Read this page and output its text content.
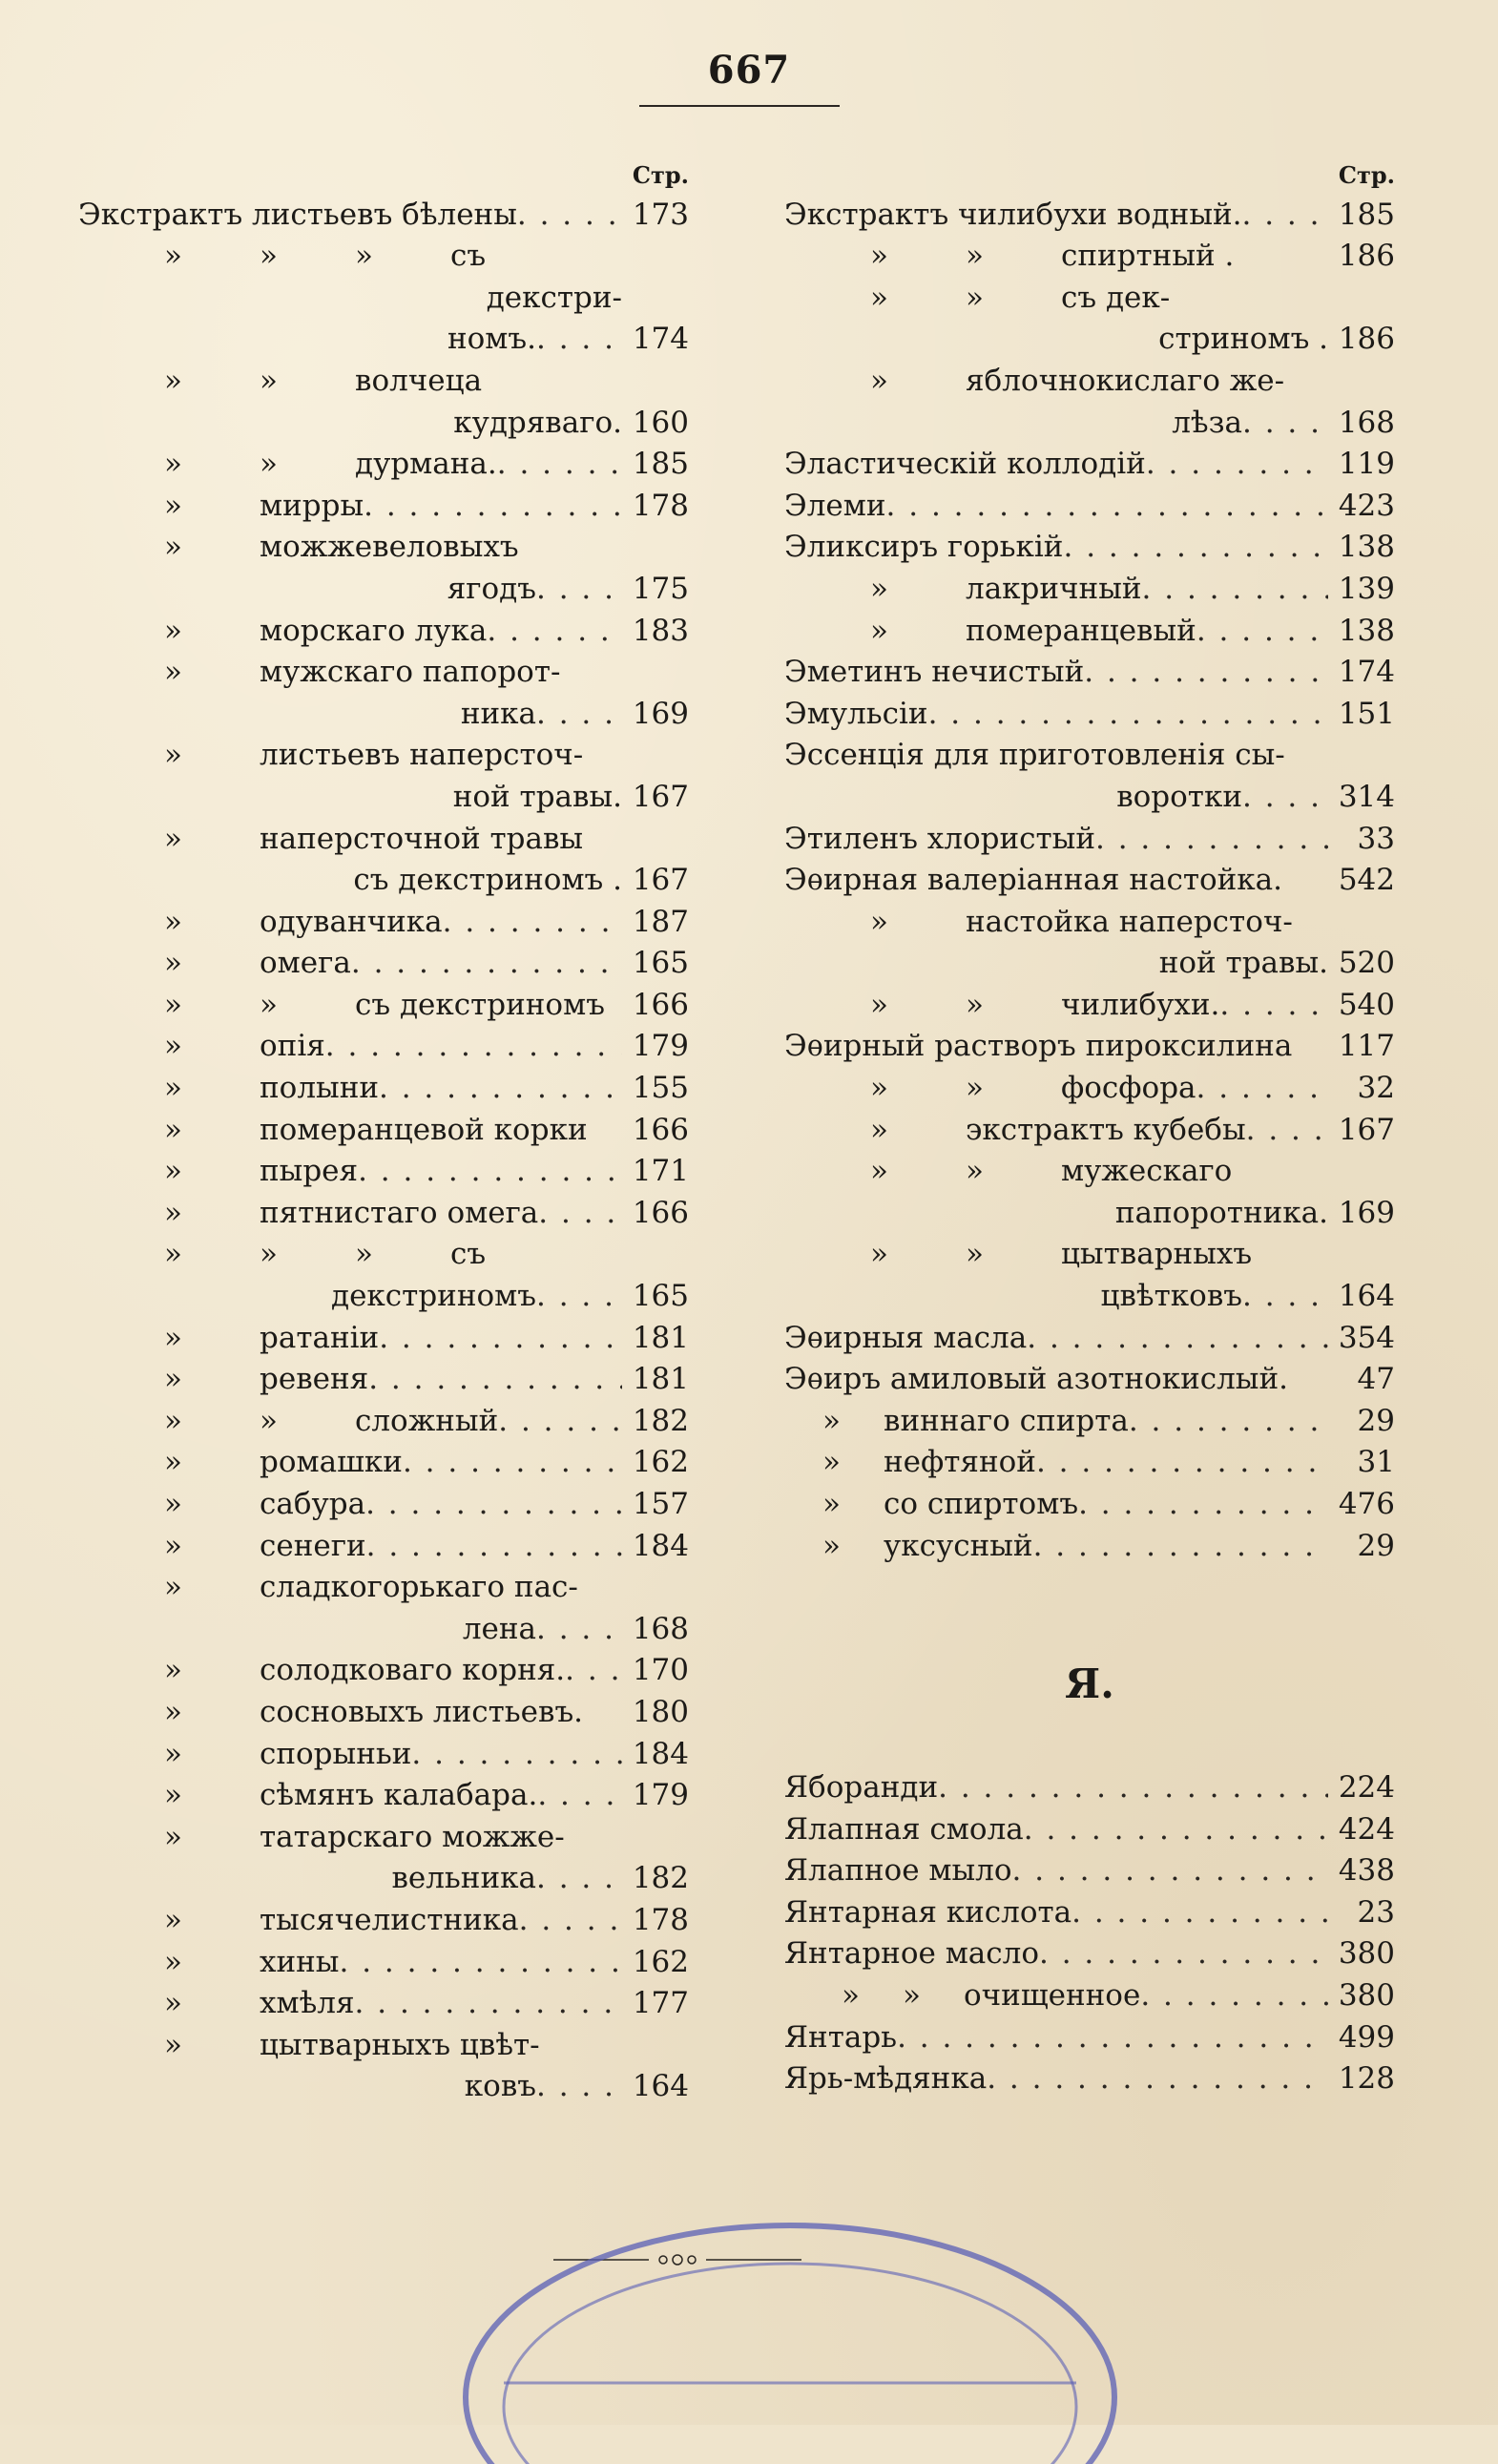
667
Стр.
Экстрактъ листьевъ бѣлены . . .	173
»	»	»	съ
декстри-
номъ. . . .	174
»	»	волчеца
кудряваго. 160
»	»	дурмана. . . .	185
»	мирры . . .	178
»	можжевеловыхъ
ягодъ . . .	175
»	морскаго лука . . .	183
»	мужскаго папорот-
ника . . .	169
»	листьевъ наперсточ-
ной травы. 167
»	наперсточной травы
съ декстриномъ . 167
»	одуванчика . . .	187
»	омега . . .	165
»	»	съ декстриномъ 166
»	опія . . .	179
»	полыни . . .	155
»	померанцевой корки	166
»	пырея . . .	171
»	пятнистаго омега . . .	166
»	»	»	съ
декстриномъ . . .	165
»	ратаніи . . .	181
»	ревеня . . .	181
»	»	сложный . . .	182
»	ромашки . . .	162
»	сабура . . .	157
»	сенеги . . .	184
»	сладкогорькаго пас-
лена . . .	168
»	солодковаго корня. . . .	170
»	сосновыхъ листьевъ.	180
»	спорыньи . . .	184
»	сѣмянъ калабара. . . .	179
»	татарскаго можже-
вельника . . .	182
»	тысячелистника . . .	178
»	хины . . .	162
»	хмѣля . . .	177
»	цытварныхъ цвѣт-
ковъ . . .	164
Стр.
Экстрактъ чилибухи водный. . . .	185
»	»	спиртный .	186
»	»	съ дек-
стриномъ . 186
»	яблочнокислаго же-
лѣза . . .	168
Эластическій коллодій . . .	119
Элеми . . .	423
Эликсиръ горькій . . .	138
»	лакричный . . .	139
»	померанцевый . . .	138
Эметинъ нечистый . . .	174
Эмульсіи . . .	151
Эссенція для приготовленія сы-
воротки . . .	314
Этиленъ хлористый . . .	33
Эѳирная валеріанная настойка.	542
»	настойка наперсточ-
ной травы. 520
»	»	чилибухи. . . .	540
Эѳирный растворъ пироксилина	117
»	»	фосфора . . .	32
»	экстрактъ кубебы . . .	167
»	»	мужескаго
папоротника. 169
»	»	цытварныхъ
цвѣтковъ . . .	164
Эѳирныя масла . . .	354
Эѳиръ амиловый азотнокислый.	47
»	виннаго спирта . . .	29
»	нефтяной . . .	31
»	со спиртомъ . . .	476
»	уксусный . . .	29
Я.
Яборанди . . .	224
Ялапная смола . . .	424
Ялапное мыло . . .	438
Янтарная кислота . . .	23
Янтарное масло . . .	380
» »	очищенное . . .	380
Янтарь . . .	499
Ярь-мѣдянка . . .	128
